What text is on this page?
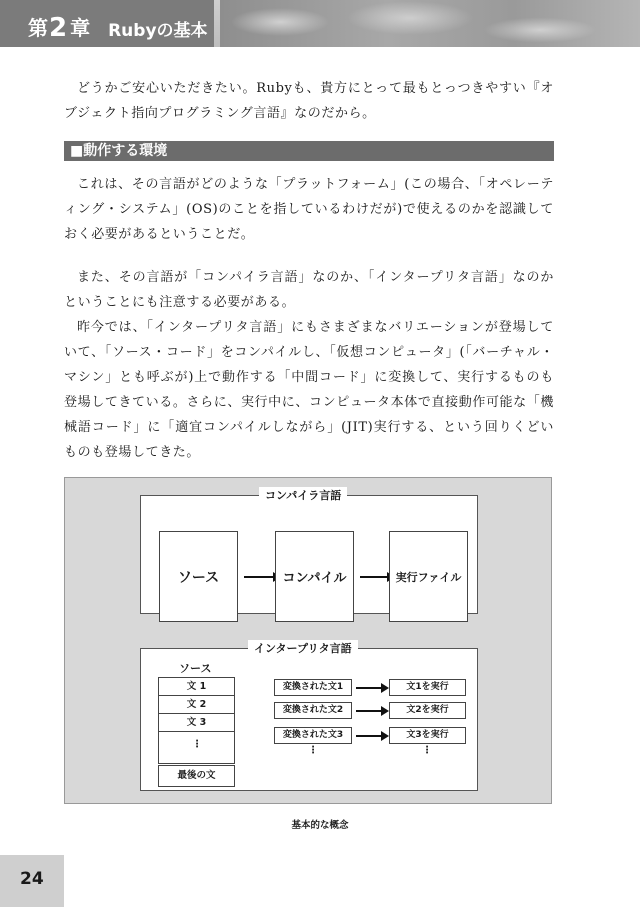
第 2 章 Rubyの基本

どうかご安心いただきたい。Rubyも、貴方にとって最もとっつきやすい『オブジェクト指向プログラミング言語』なのだから。

■動作する環境

これは、その言語がどのような「プラットフォーム」(この場合、「オペレーティング・システム」(OS)のことを指しているわけだが)で使えるのかを認識しておく必要があるということだ。

また、その言語が「コンパイラ言語」なのか、「インタープリタ言語」なのかということにも注意する必要がある。

昨今では、「インタープリタ言語」にもさまざまなバリエーションが登場していて、「ソース・コード」をコンパイルし、「仮想コンピュータ」(「バーチャル・マシン」とも呼ぶが)上で動作する「中間コード」に変換して、実行するものも登場してきている。さらに、実行中に、コンピュータ本体で直接動作可能な「機械語コード」に「適宜コンパイルしながら」(JIT)実行する、という回りくどいものも登場してきた。

コンパイラ言語
ソース	コンパイル	実行ファイル
インタープリタ言語
ソース
文 1
文 2
文 3
⋮
最後の文
変換された文1
変換された文2
変換された文3
⋮
文1を実行
文2を実行
文3を実行
⋮
基本的な概念
24
